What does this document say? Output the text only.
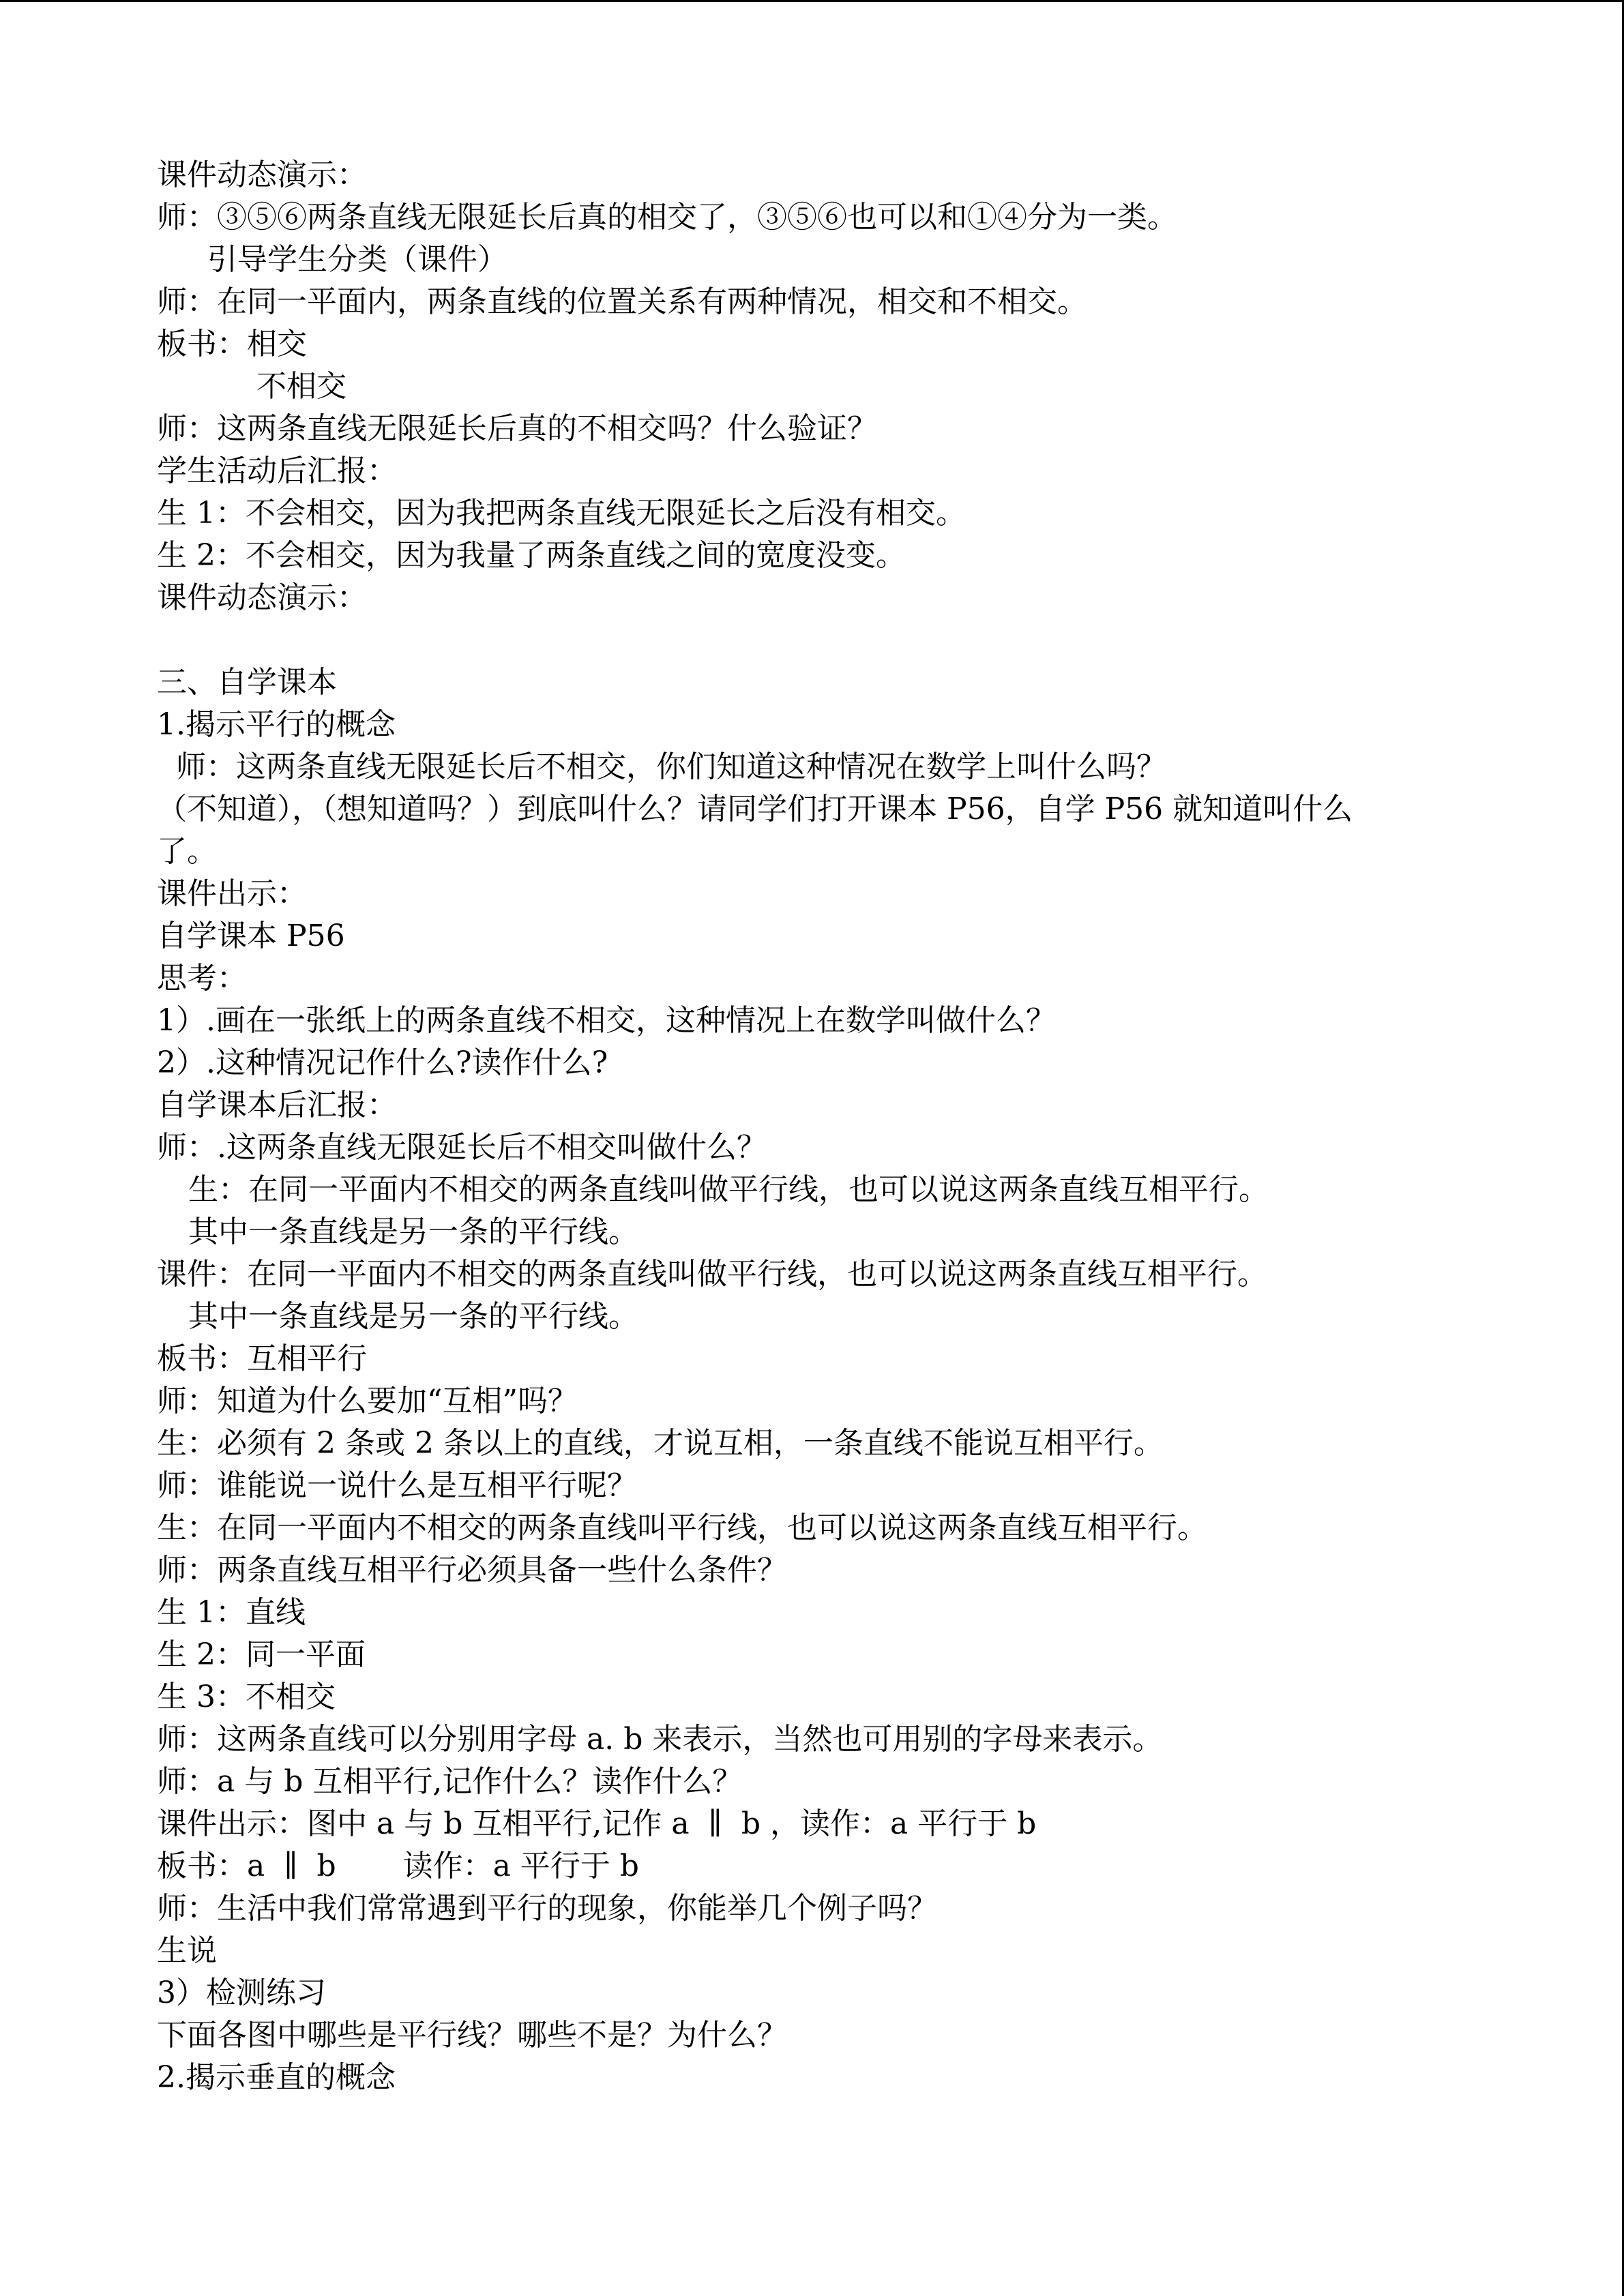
课件动态演示：
师：③⑤⑥两条直线无限延长后真的相交了，③⑤⑥也可以和①④分为一类。
引导学生分类（课件）
师：在同一平面内，两条直线的位置关系有两种情况，相交和不相交。
板书：相交
不相交
师：这两条直线无限延长后真的不相交吗？什么验证？
学生活动后汇报：
生 1：不会相交，因为我把两条直线无限延长之后没有相交。
生 2：不会相交，因为我量了两条直线之间的宽度没变。
课件动态演示：
三、自学课本
1.揭示平行的概念
师：这两条直线无限延长后不相交，你们知道这种情况在数学上叫什么吗？
（不知道），（想知道吗？）到底叫什么？请同学们打开课本 P56，自学 P56 就知道叫什么
了。
课件出示：
自学课本 P56
思考：
1）.画在一张纸上的两条直线不相交，这种情况上在数学叫做什么？
2）.这种情况记作什么?读作什么?
自学课本后汇报：
师：.这两条直线无限延长后不相交叫做什么？
生：在同一平面内不相交的两条直线叫做平行线，也可以说这两条直线互相平行。
其中一条直线是另一条的平行线。
课件：在同一平面内不相交的两条直线叫做平行线，也可以说这两条直线互相平行。
其中一条直线是另一条的平行线。
板书：互相平行
师：知道为什么要加“互相”吗？
生：必须有 2 条或 2 条以上的直线，才说互相，一条直线不能说互相平行。
师：谁能说一说什么是互相平行呢？
生：在同一平面内不相交的两条直线叫平行线，也可以说这两条直线互相平行。
师：两条直线互相平行必须具备一些什么条件？
生 1：直线
生 2：同一平面
生 3：不相交
师：这两条直线可以分别用字母 a. b 来表示，当然也可用别的字母来表示。
师：a 与 b 互相平行,记作什么？读作什么？
课件出示：图中 a 与 b 互相平行,记作 a  ∥  b ，读作：a 平行于 b
板书：a  ∥  b       读作：a 平行于 b
师：生活中我们常常遇到平行的现象，你能举几个例子吗？
生说
3）检测练习
下面各图中哪些是平行线？哪些不是？为什么？
2.揭示垂直的概念
